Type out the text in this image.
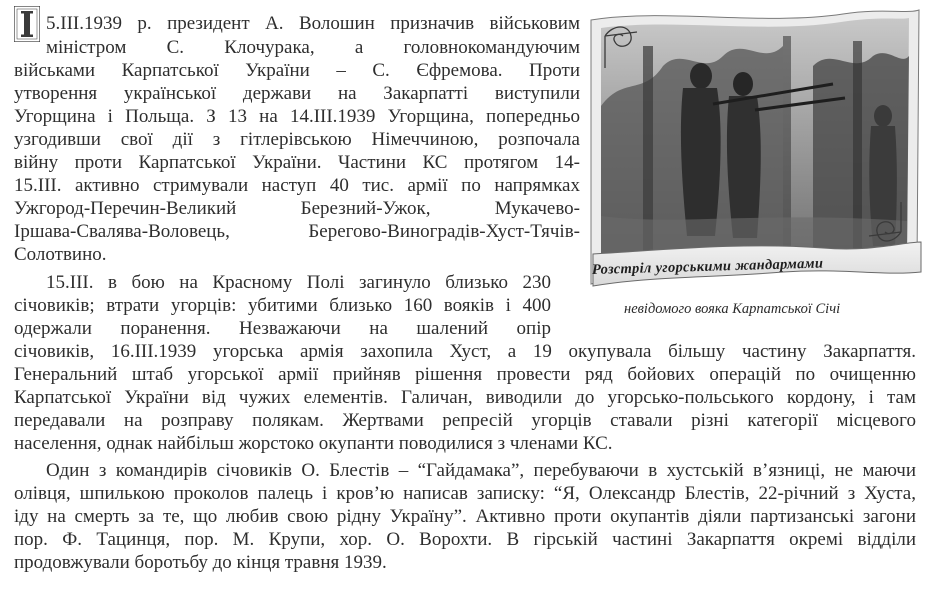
5.ІІІ.1939 р. президент А. Волошин призначив військовим
міністром С. Клочурака, а головнокомандуючим
військами Карпатської України – С. Єфремова. Проти
утворення української держави на Закарпатті виступили
Угорщина і Польща. З 13 на 14.ІІІ.1939 Угорщина, попередньо
узгодивши свої дії з гітлерівською Німеччиною, розпочала
війну проти Карпатської України. Частини КС протягом 14-
15.ІІІ. активно стримували наступ 40 тис. армії по напрямках
Ужгород-Перечин-Великий Березний-Ужок, Мукачево-
Іршава-Свалява-Воловець, Берегово-Виноградів-Хуст-Тячів-
Солотвино.
15.ІІІ. в бою на Красному Полі загинуло близько 230
січовиків; втрати угорців: убитими близько 160 вояків і 400
одержали поранення. Незважаючи на шалений опір
січовиків, 16.ІІІ.1939 угорська армія захопила Хуст, а 19 окупувала більшу частину Закарпаття.
Генеральний штаб угорської армії прийняв рішення провести ряд бойових операцій по очищенню
Карпатської України від чужих елементів. Галичан, виводили до угорсько-польського кордону, і там
передавали на розправу полякам. Жертвами репресій угорців ставали різні категорії місцевого
населення, однак найбільш жорстоко окупанти поводилися з членами КС.
Один з командирів січовиків О. Блестів – “Гайдамака”, перебуваючи в хустській в’язниці, не маючи
олівця, шпилькою проколов палець і кров’ю написав записку: “Я, Олександр Блестів, 22-річний з Хуста,
іду на смерть за те, що любив свою рідну Україну”. Активно проти окупантів діяли партизанські загони
пор. Ф. Тацинця, пор. М. Крупи, хор. О. Ворохти. В гірській частині Закарпаття окремі відділи
продовжували боротьбу до кінця травня 1939.
Розстріл угорськими жандармами
невідомого вояка Карпатської Січі
